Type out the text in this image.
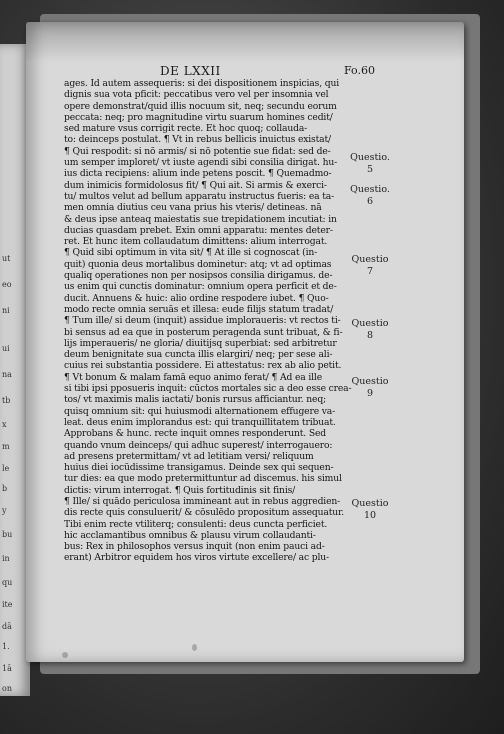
ut
eo
ni
ui
na
tb
x
m
le
b
y
bu
in
qu
ite
dā
1.
1ā
on
DE LXXII	Fo.60
ages. Id autem assequeris: si dei dispositionem inspicias, qui
dignis sua vota pficit: peccatibus vero vel per insomnia vel
opere demonstrat/quid illis nocuum sit, neq; secundu eorum
peccata: neq; pro magnitudine virtu suarum homines cedit/
sed mature vsus corrigit recte. Et hoc quoq; collauda-
to: deinceps postulat. ¶ Vt in rebus bellicis inuictus existat/
¶ Qui respodit: si nō armis/ si nō potentie sue fidat: sed de-
um semper imploret/ vt iuste agendi sibi consilia dirigat. hu-
ius dicta recipiens: alium inde petens poscit. ¶ Quemadmo-
dum inimicis formidolosus fit/ ¶ Qui ait. Si armis & exerci-
tu/ multos velut ad bellum apparatu instructus fueris: ea ta-
men omnia diutius ceu vana prius his vteris/ detineas. nā
& deus ipse anteaq maiestatis sue trepidationem incutiat: in
ducias quasdam prebet. Exin omni apparatu: mentes deter-
ret. Et hunc item collaudatum dimittens: alium interrogat.
¶ Quid sibi optimum in vita sit/ ¶ At ille si cognoscat (in-
quit) quonia deus mortalibus dominetur: atq; vt ad optimas
qualiq operationes non per nosipsos consilia dirigamus. de-
us enim qui cunctis dominatur: omnium opera perficit et de-
ducit. Annuens & huic: alio ordine respodere iubet. ¶ Quo-
modo recte omnia seruās et illesa: eude filijs statum tradat/
¶ Tum ille/ si deum (inquit) assidue imploraueris: vt rectos ti-
bi sensus ad ea que in posterum peragenda sunt tribuat, & fi-
lijs imperaueris/ ne gloria/ diuitijsq superbiat: sed arbitretur
deum benignitate sua cuncta illis elargiri/ neq; per sese ali-
cuius rei substantia possidere. Ei attestatus: rex ab alio petit.
¶ Vt bonum & malam famā equo animo ferat/ ¶ Ad ea ille
si tibi ipsi pposueris inquit: cūctos mortales sic a deo esse crea-
tos/ vt maximis malis iactati/ bonis rursus afficiantur. neq;
quisq omnium sit: qui huiusmodi alternationem effugere va-
leat. deus enim implorandus est: qui tranquillitatem tribuat.
Approbans & hunc. recte inquit omnes responderunt. Sed
quando vnum deinceps/ qui adhuc superest/ interrogauero:
ad presens pretermittam/ vt ad letitiam versi/ reliquum
huius diei iocūdissime transigamus. Deinde sex qui sequen-
tur dies: ea que modo pretermittuntur ad discemus. his simul
dictis: virum interrogat. ¶ Quis fortitudinis sit finis/
¶ Ille/ si quādo periculosa immineant aut in rebus aggredien-
dis recte quis consuluerit/ & cōsulēdo propositum assequatur.
Tibi enim recte vtiliterq; consulenti: deus cuncta perficiet.
hic acclamantibus omnibus & plausu virum collaudanti-
bus: Rex in philosophos versus inquit (non enim pauci ad-
erant) Arbitror equidem hos viros virtute excellere/ ac plu-
Questio.
5
Questio.
6
Questio
7
Questio
8
Questio
9
Questio
10
